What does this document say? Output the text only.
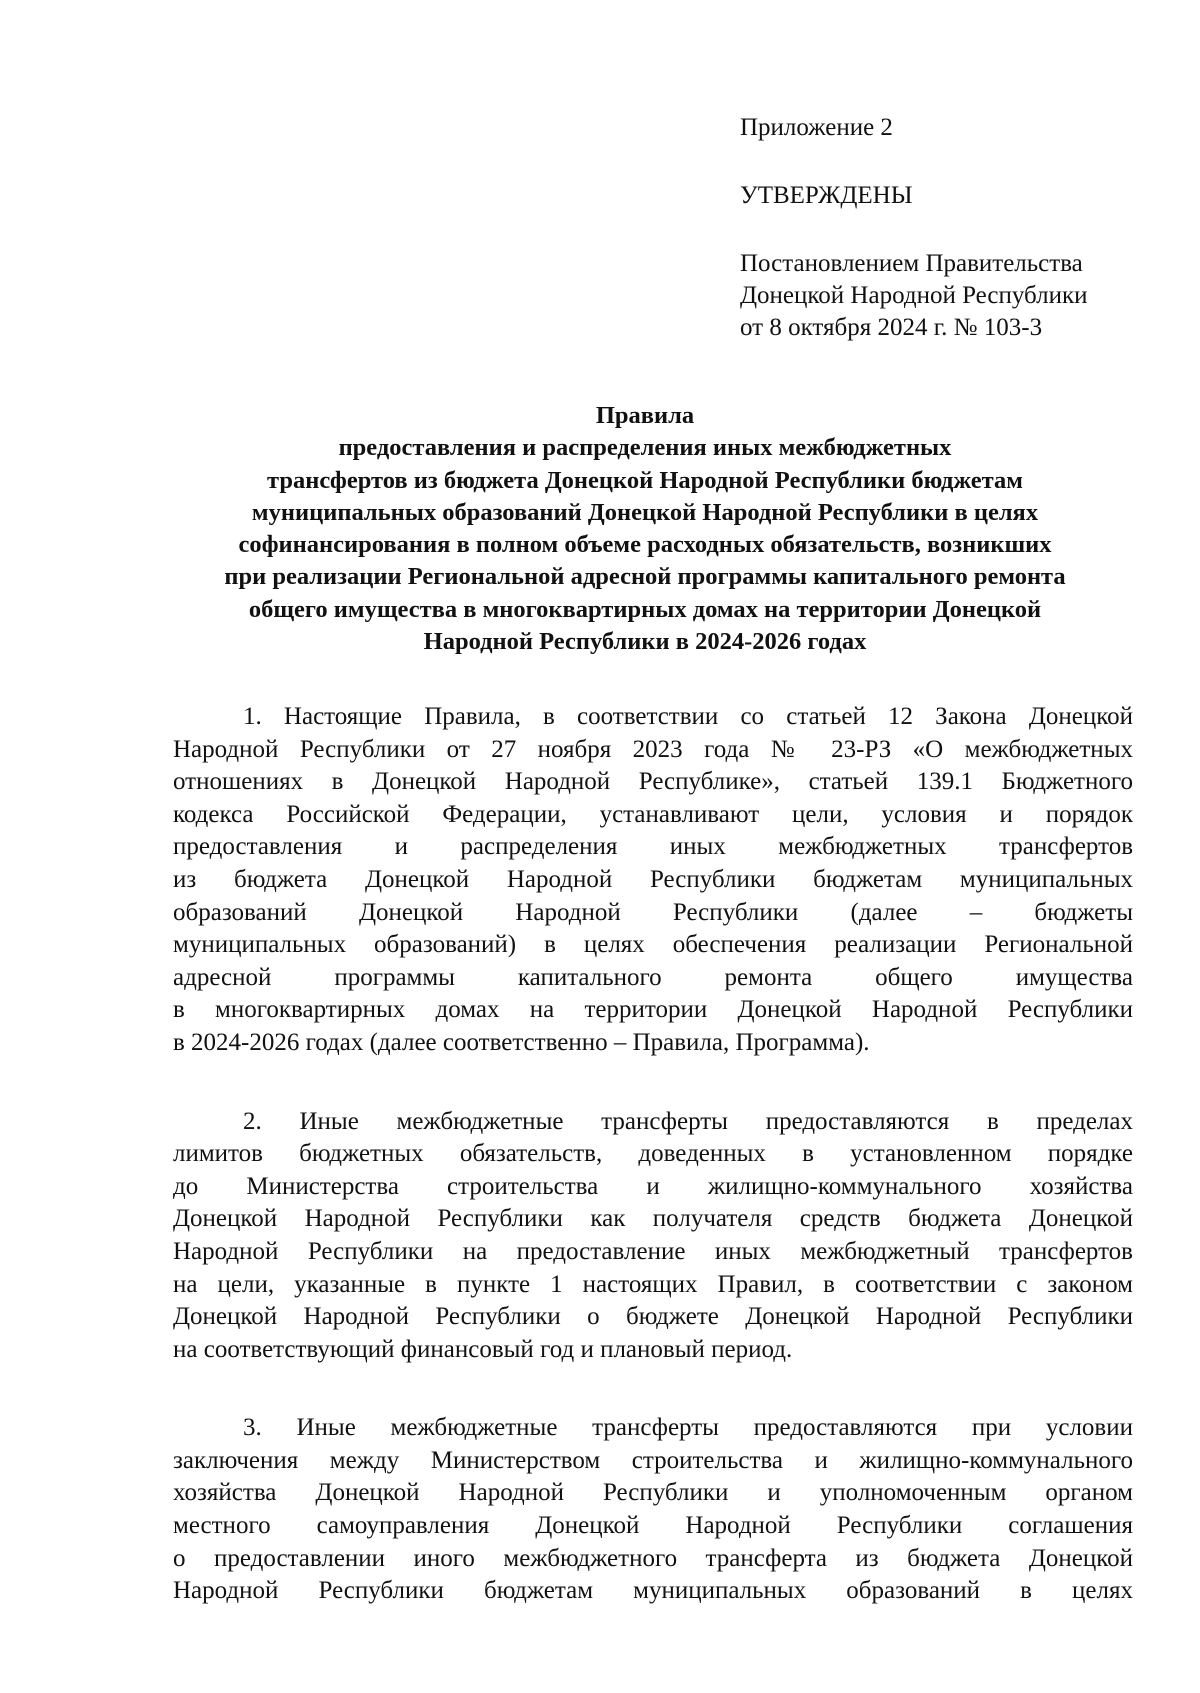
Приложение 2
УТВЕРЖДЕНЫ
Постановлением Правительства
Донецкой Народной Республики
от 8 октября 2024 г. № 103-3
Правила
предоставления и распределения иных межбюджетных
трансфертов из бюджета Донецкой Народной Республики бюджетам
муниципальных образований Донецкой Народной Республики в целях
софинансирования в полном объеме расходных обязательств, возникших
при реализации Региональной адресной программы капитального ремонта
общего имущества в многоквартирных домах на территории Донецкой
Народной Республики в 2024-2026 годах
1. Настоящие Правила, в соответствии со статьей 12 Закона Донецкой
Народной Республики от 27 ноября 2023 года № 23-РЗ «О межбюджетных
отношениях в Донецкой Народной Республике», статьей 139.1 Бюджетного
кодекса Российской Федерации, устанавливают цели, условия и порядок
предоставления и распределения иных межбюджетных трансфертов
из бюджета Донецкой Народной Республики бюджетам муниципальных
образований Донецкой Народной Республики (далее – бюджеты
муниципальных образований) в целях обеспечения реализации Региональной
адресной программы капитального ремонта общего имущества
в многоквартирных домах на территории Донецкой Народной Республики
в 2024-2026 годах (далее соответственно – Правила, Программа).
2. Иные межбюджетные трансферты предоставляются в пределах
лимитов бюджетных обязательств, доведенных в установленном порядке
до Министерства строительства и жилищно-коммунального хозяйства
Донецкой Народной Республики как получателя средств бюджета Донецкой
Народной Республики на предоставление иных межбюджетный трансфертов
на цели, указанные в пункте 1 настоящих Правил, в соответствии с законом
Донецкой Народной Республики о бюджете Донецкой Народной Республики
на соответствующий финансовый год и плановый период.
3. Иные межбюджетные трансферты предоставляются при условии
заключения между Министерством строительства и жилищно-коммунального
хозяйства Донецкой Народной Республики и уполномоченным органом
местного самоуправления Донецкой Народной Республики соглашения
о предоставлении иного межбюджетного трансферта из бюджета Донецкой
Народной Республики бюджетам муниципальных образований в целях
